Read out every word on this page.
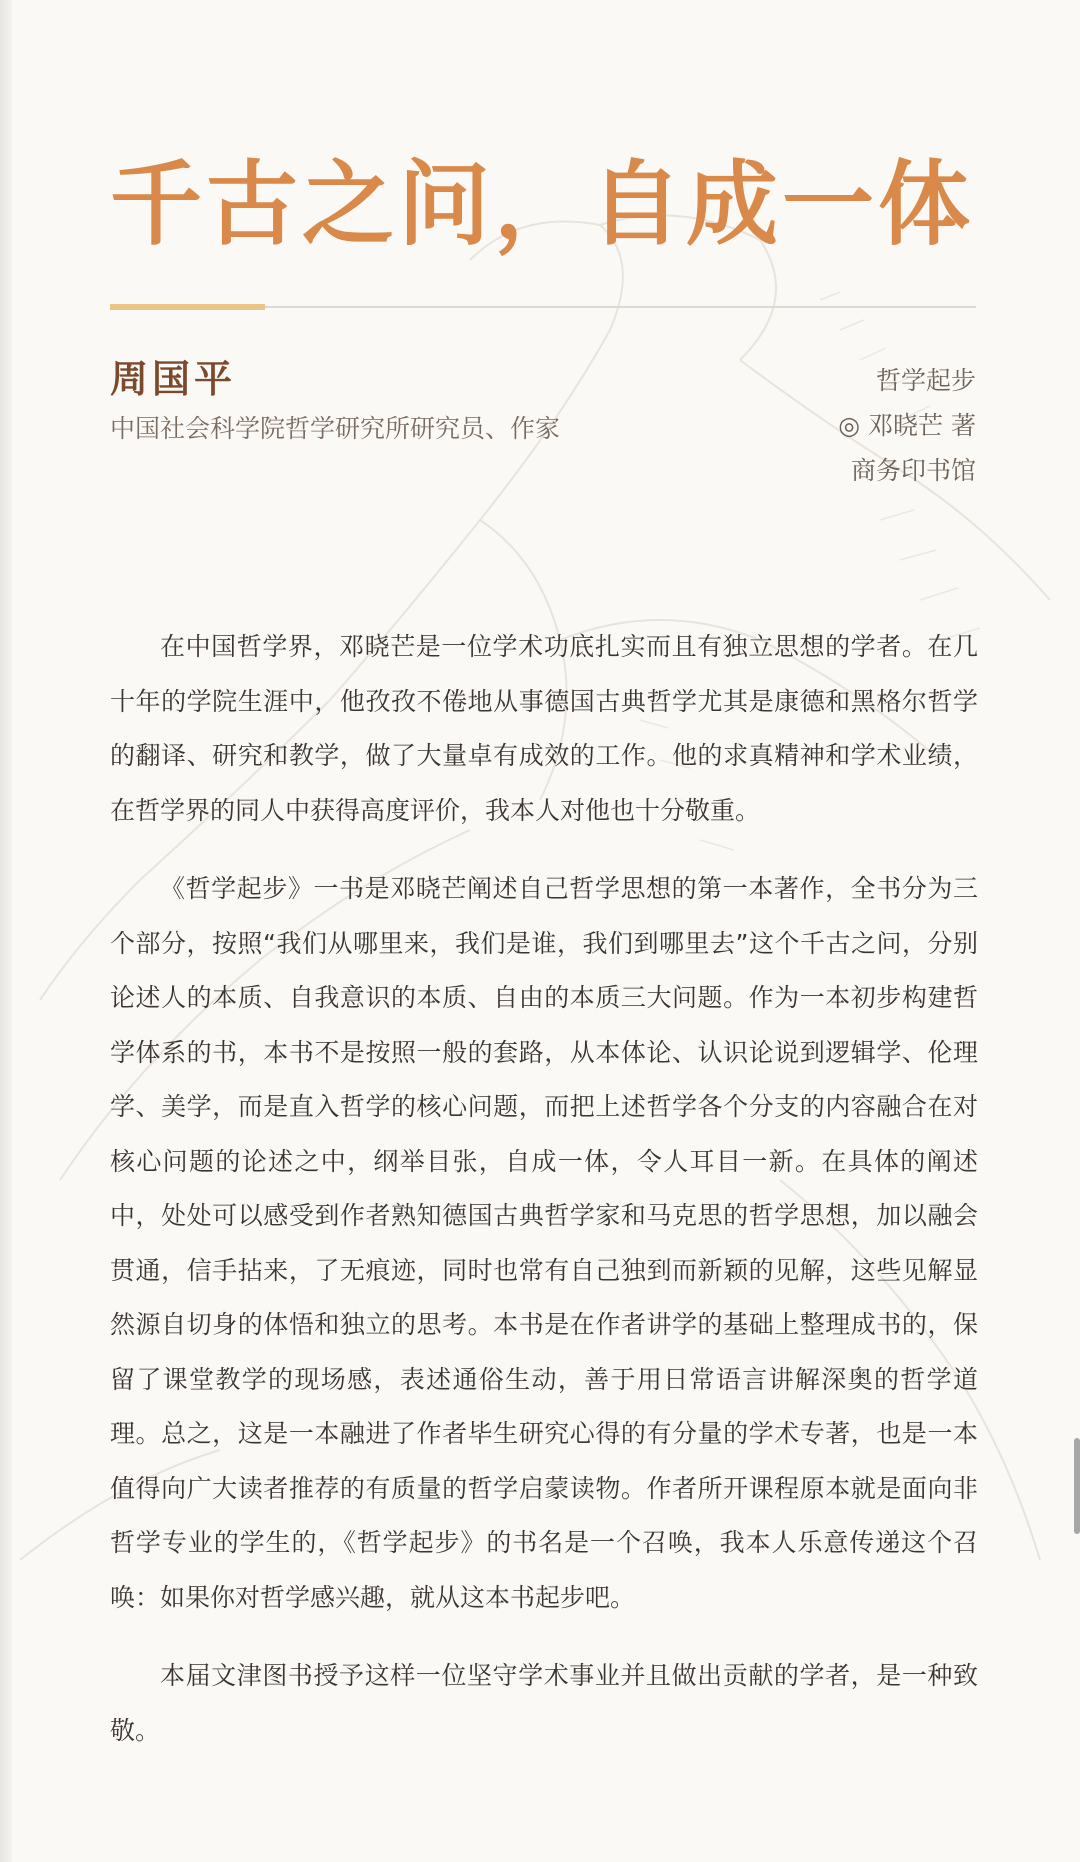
千古之问，自成一体
周国平
中国社会科学院哲学研究所研究员、作家
哲学起步
◎ 邓晓芒 著
商务印书馆

在中国哲学界，邓晓芒是一位学术功底扎实而且有独立思想的学者。在几十年的学院生涯中，他孜孜不倦地从事德国古典哲学尤其是康德和黑格尔哲学的翻译、研究和教学，做了大量卓有成效的工作。他的求真精神和学术业绩，在哲学界的同人中获得高度评价，我本人对他也十分敬重。

《哲学起步》一书是邓晓芒阐述自己哲学思想的第一本著作，全书分为三个部分，按照“我们从哪里来，我们是谁，我们到哪里去”这个千古之问，分别论述人的本质、自我意识的本质、自由的本质三大问题。作为一本初步构建哲学体系的书，本书不是按照一般的套路，从本体论、认识论说到逻辑学、伦理学、美学，而是直入哲学的核心问题，而把上述哲学各个分支的内容融合在对核心问题的论述之中，纲举目张，自成一体，令人耳目一新。在具体的阐述中，处处可以感受到作者熟知德国古典哲学家和马克思的哲学思想，加以融会贯通，信手拈来，了无痕迹，同时也常有自己独到而新颖的见解，这些见解显然源自切身的体悟和独立的思考。本书是在作者讲学的基础上整理成书的，保留了课堂教学的现场感，表述通俗生动，善于用日常语言讲解深奥的哲学道理。总之，这是一本融进了作者毕生研究心得的有分量的学术专著，也是一本值得向广大读者推荐的有质量的哲学启蒙读物。作者所开课程原本就是面向非哲学专业的学生的，《哲学起步》的书名是一个召唤，我本人乐意传递这个召唤：如果你对哲学感兴趣，就从这本书起步吧。

本届文津图书授予这样一位坚守学术事业并且做出贡献的学者，是一种致敬。
